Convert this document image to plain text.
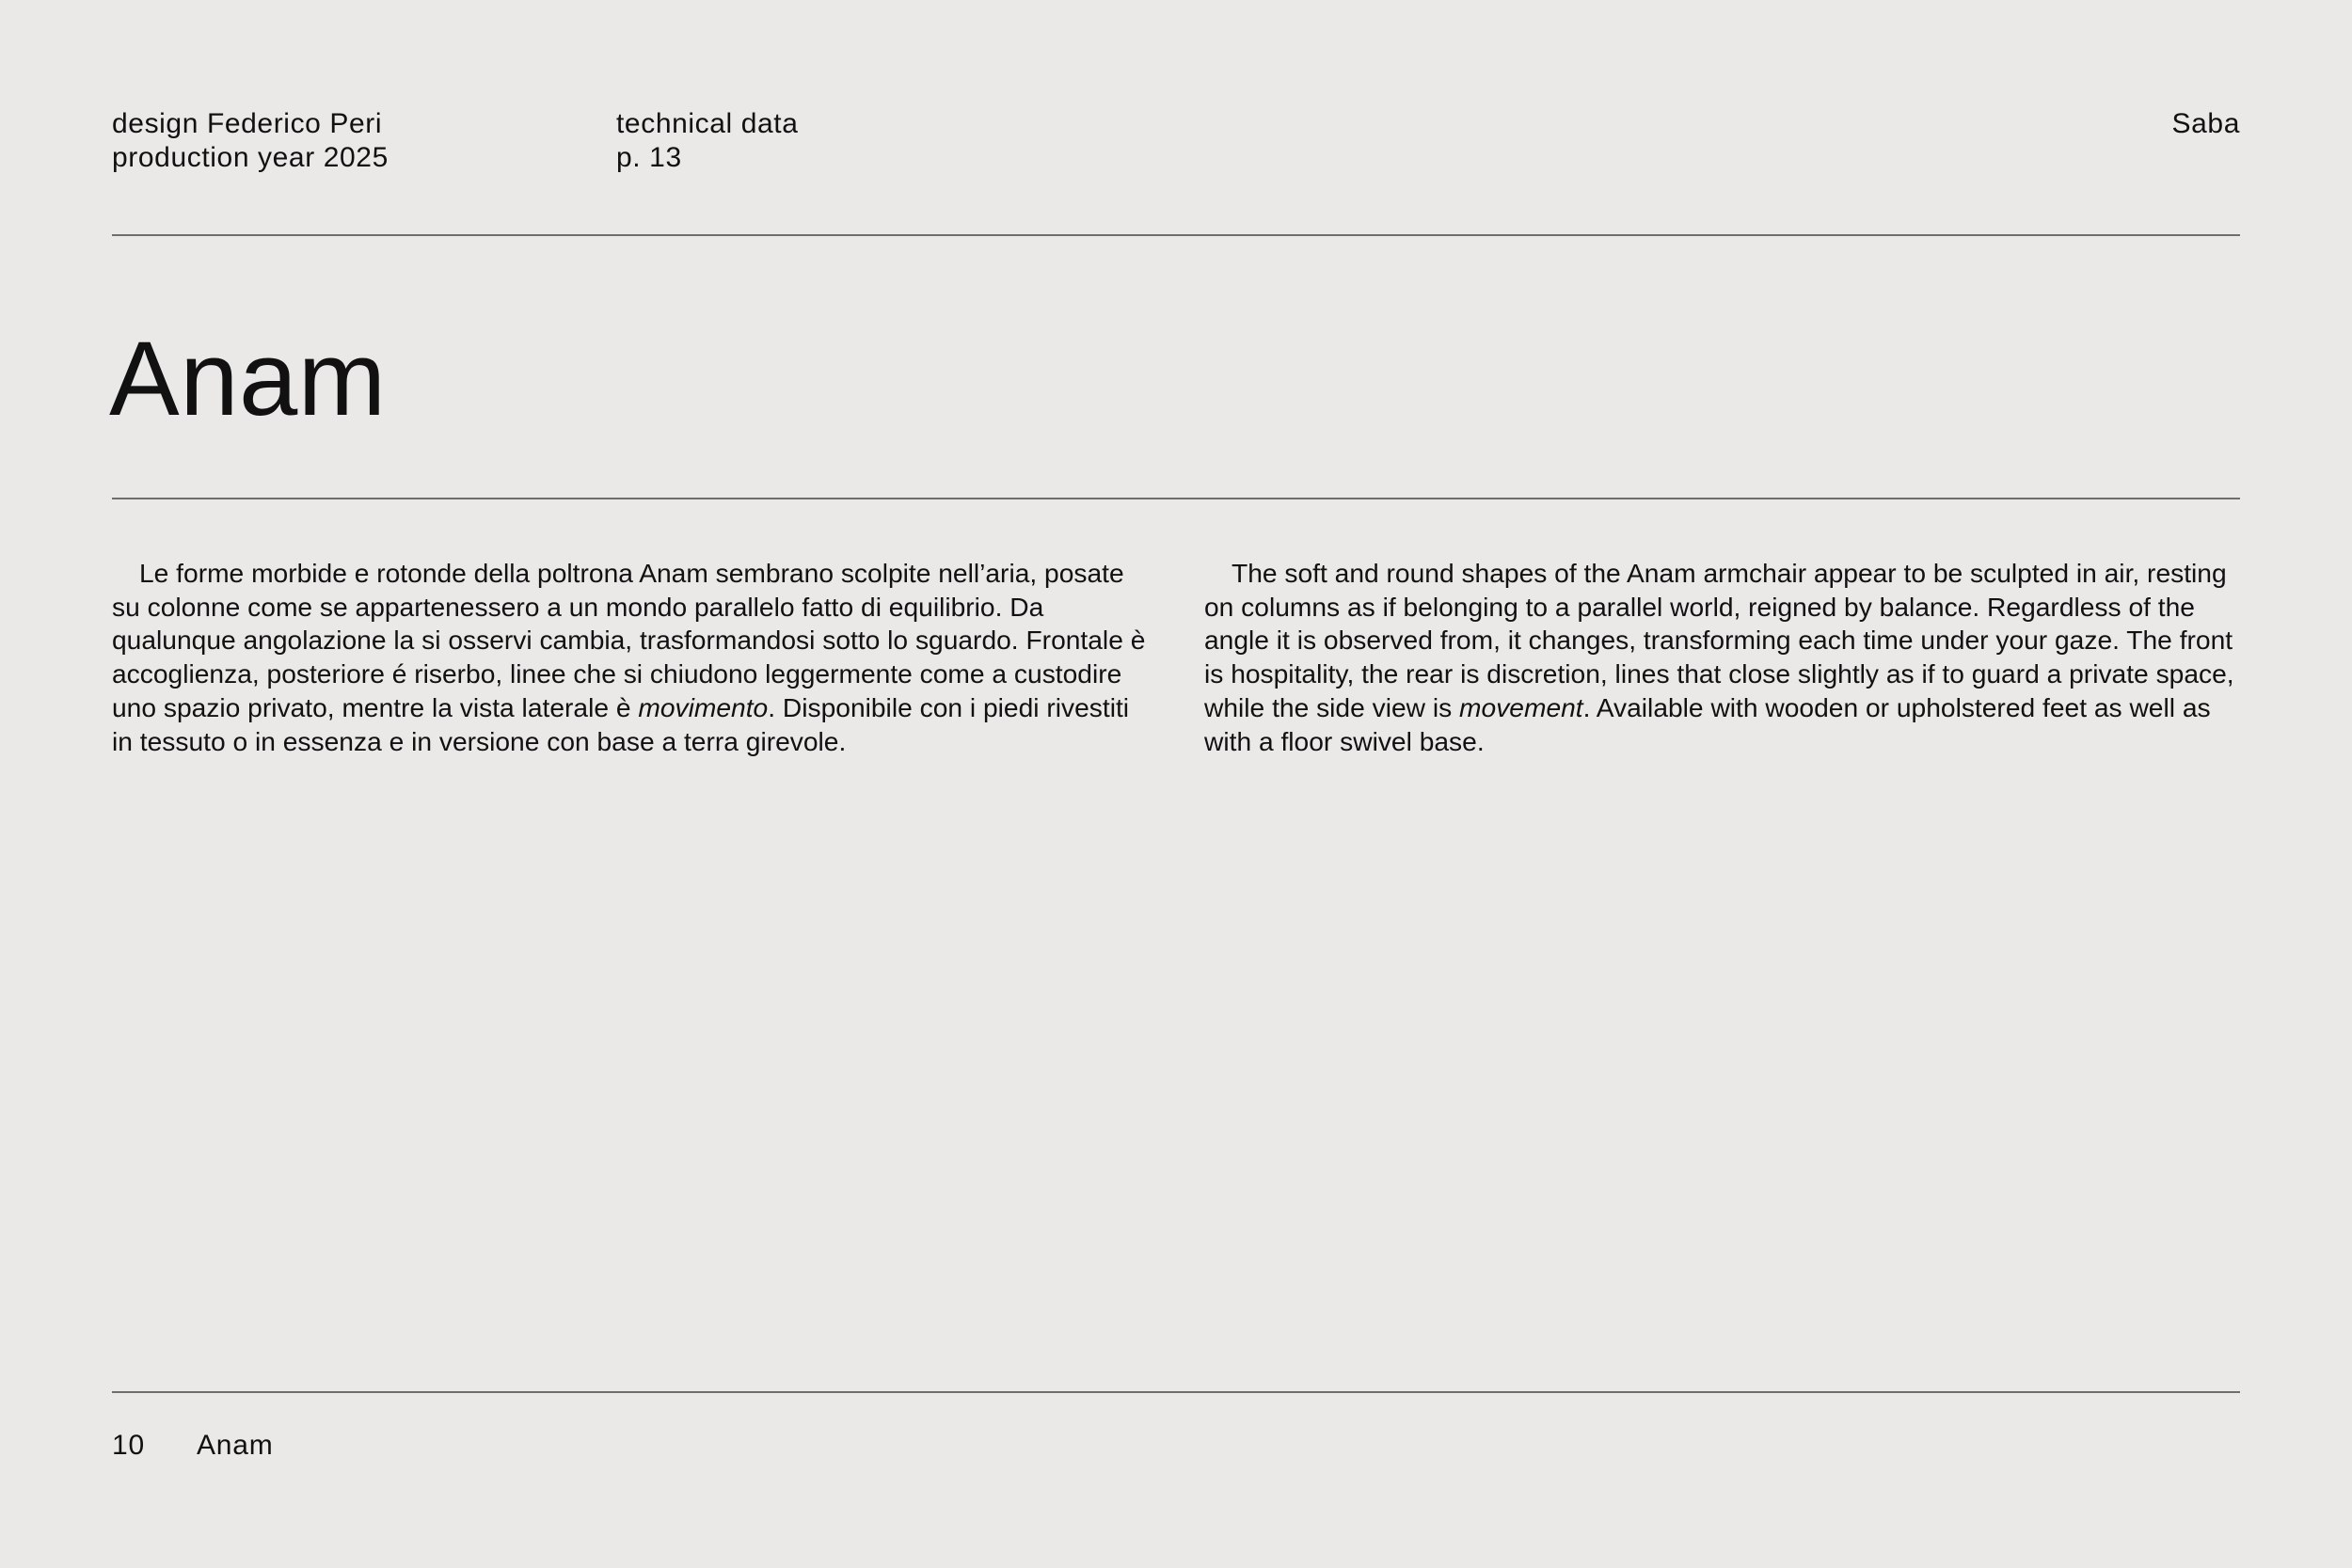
design Federico Peri
production year 2025
technical data
p. 13
Saba
Anam

Le forme morbide e rotonde della poltrona Anam sembrano scolpite nell’aria, posate su colonne come se appartenessero a un mondo parallelo fatto di equilibrio. Da qualunque angolazione la si osservi cambia, trasformandosi sotto lo sguardo. Frontale è accoglienza, posteriore é riserbo, linee che si chiudono leggermente come a custodire uno spazio privato, mentre la vista laterale è movimento. Disponibile con i piedi rivestiti in tessuto o in essenza e in versione con base a terra girevole.

The soft and round shapes of the Anam armchair appear to be sculpted in air, resting on columns as if belonging to a parallel world, reigned by balance. Regardless of the angle it is observed from, it changes, transforming each time under your gaze. The front is hospitality, the rear is discretion, lines that close slightly as if to guard a private space, while the side view is movement. Available with wooden or upholstered feet as well as with a floor swivel base.

10 Anam
